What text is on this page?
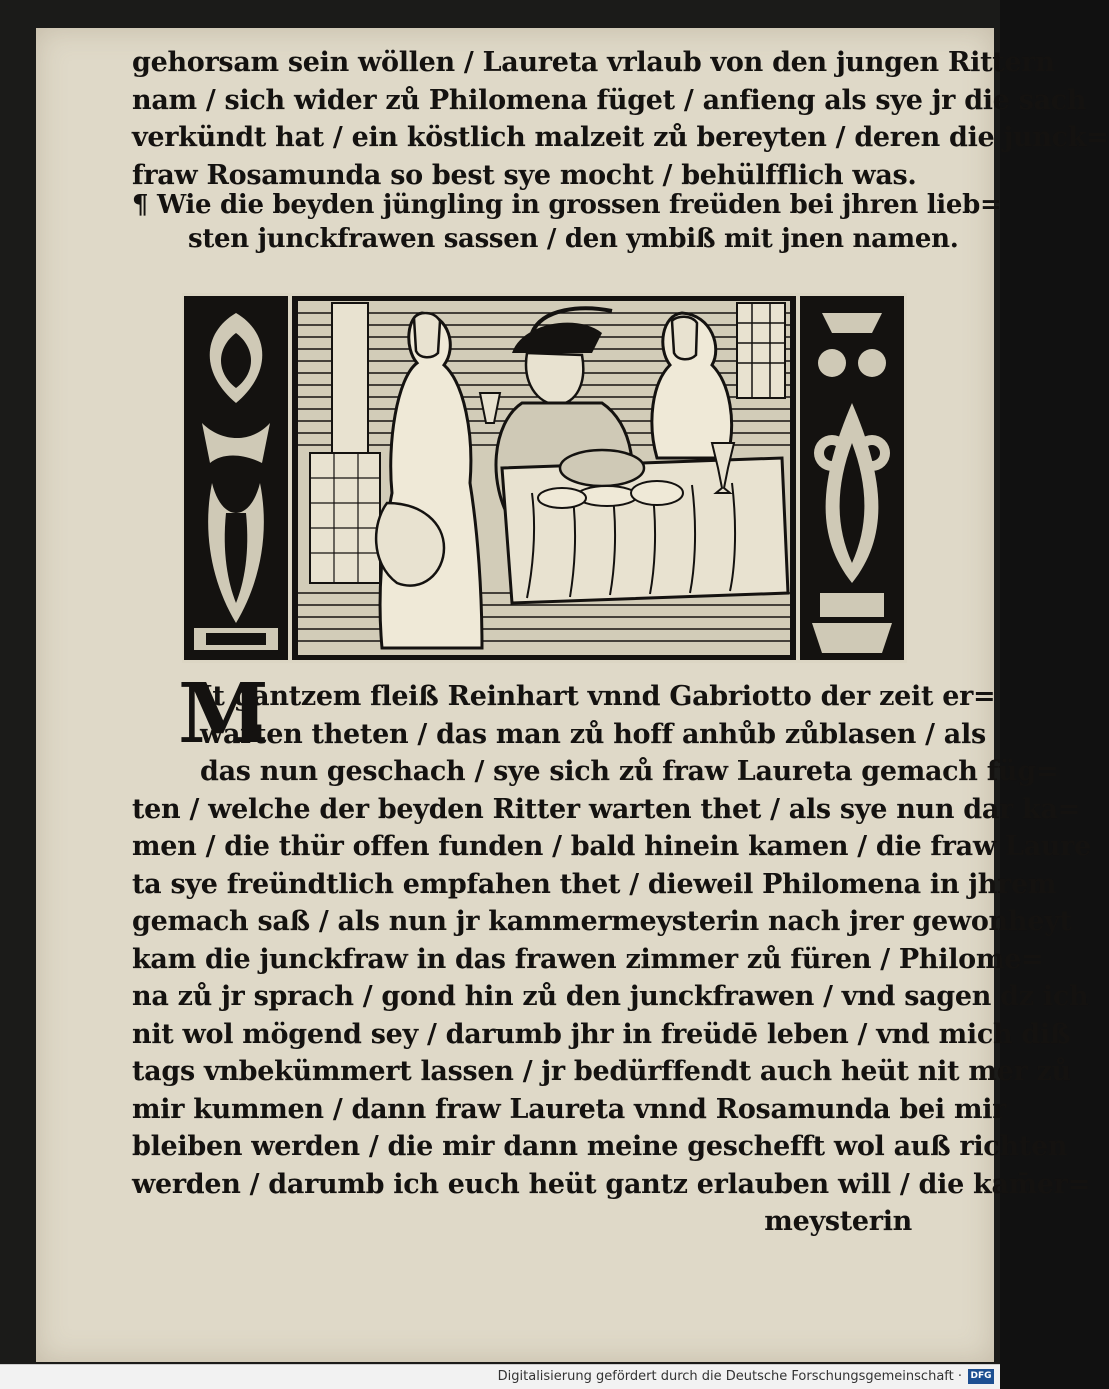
gehorsam sein wöllen / Laureta vrlaub von den jungen Rittern
nam / sich wider zů Philomena füget / anfieng als sye jr die sach
verkündt hat / ein köstlich malzeit zů bereyten / deren die junck=
fraw Rosamunda so best sye mocht / behülfflich was.
¶ Wie die beyden jüngling in grossen freüden bei jhren lieb=
sten junckfrawen sassen / den ymbiß mit jnen namen.
M
It gantzem fleiß Reinhart vnnd Gabriotto der zeit er=
warten theten / das man zů hoff anhůb zůblasen / als
das nun geschach / sye sich zů fraw Laureta gemach füg=
ten / welche der beyden Ritter warten thet / als sye nun dar ka=
men / die thür offen funden / bald hinein kamen / die fraw Laure
ta sye freündtlich empfahen thet / dieweil Philomena in jhrem
gemach saß / als nun jr kammermeysterin nach jrer gewonheyt
kam die junckfraw in das frawen zimmer zů füren / Philome=
na zů jr sprach / gond hin zů den junckfrawen / vnd sagen dz ich
nit wol mögend sey / darumb jhr in freüdē leben / vnd mich diß
tags vnbekümmert lassen / jr bedürffendt auch heüt nit mer zů
mir kummen / dann fraw Laureta vnnd Rosamunda bei mir
bleiben werden / die mir dann meine geschefft wol auß richten
werden / darumb ich euch heüt gantz erlauben will / die kam̄er=
meysterin
Digitalisierung gefördert durch die Deutsche Forschungsgemeinschaft · DFG
